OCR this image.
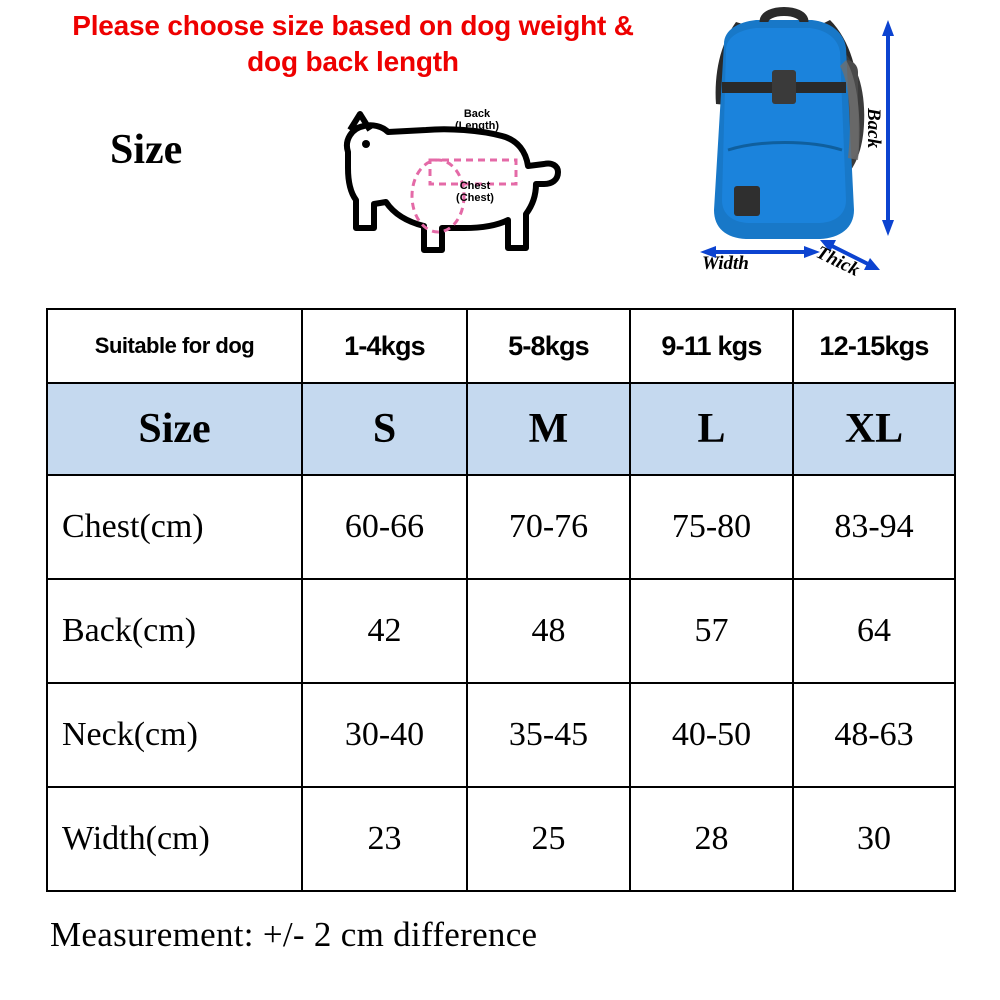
Please choose size based on dog weight & dog back length
Size
Back
(Length)
Chest
(Chest)
Back
Width	Thick
Suitable for dog	1-4kgs	5-8kgs	9-11 kgs	12-15kgs
Size	S	M	L	XL
Chest(cm)	60-66	70-76	75-80	83-94
Back(cm)	42	48	57	64
Neck(cm)	30-40	35-45	40-50	48-63
Width(cm)	23	25	28	30
Measurement: +/- 2 cm difference
